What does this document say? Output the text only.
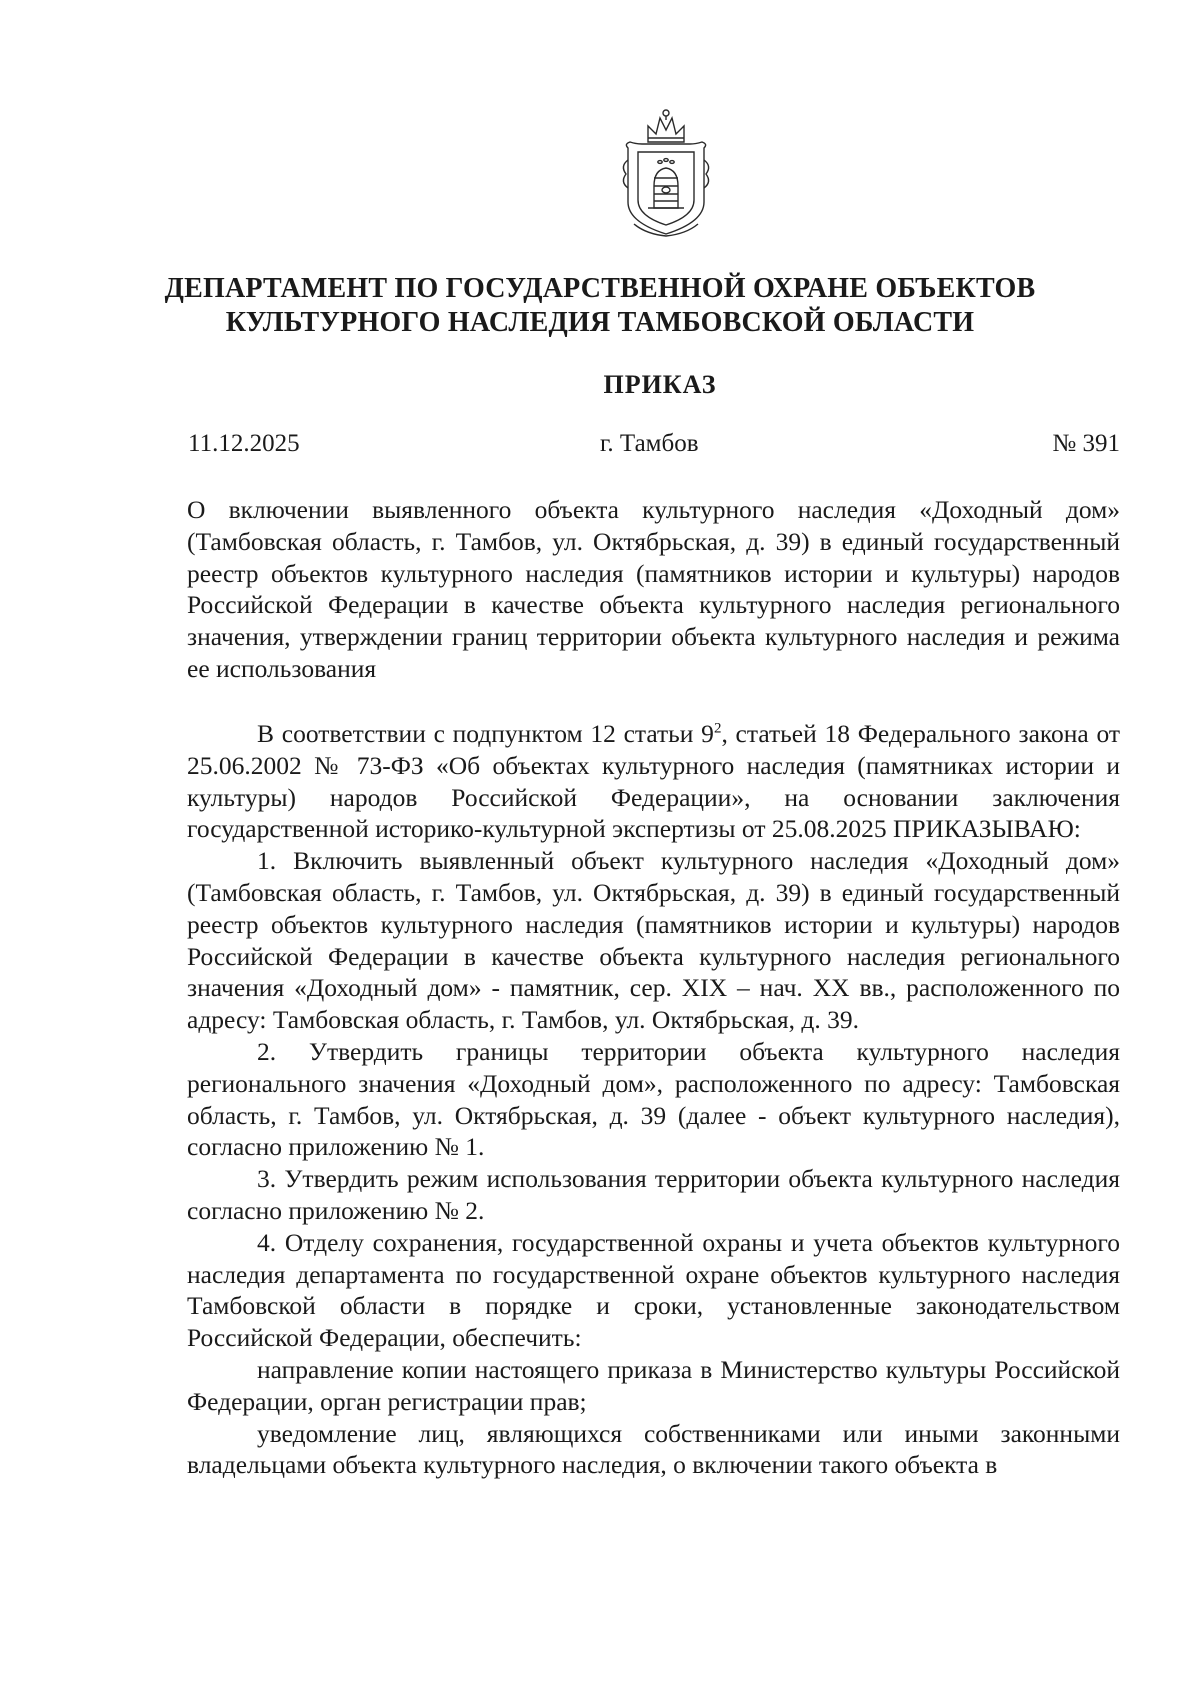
ДЕПАРТАМЕНТ ПО ГОСУДАРСТВЕННОЙ ОХРАНЕ ОБЪЕКТОВ
КУЛЬТУРНОГО НАСЛЕДИЯ ТАМБОВСКОЙ ОБЛАСТИ
ПРИКАЗ
11.12.2025	г. Тамбов	№ 391

О включении выявленного объекта культурного наследия «Доходный дом» (Тамбовская область, г. Тамбов, ул. Октябрьская, д. 39) в единый государственный реестр объектов культурного наследия (памятников истории и культуры) народов Российской Федерации в качестве объекта культурного наследия регионального значения, утверждении границ территории объекта культурного наследия и режима ее использования

В соответствии с подпунктом 12 статьи $9^2$, статьей 18 Федерального закона от 25.06.2002 № 73-ФЗ «Об объектах культурного наследия (памятниках истории и культуры) народов Российской Федерации», на основании заключения государственной историко-культурной экспертизы от 25.08.2025 ПРИКАЗЫВАЮ:

1. Включить выявленный объект культурного наследия «Доходный дом» (Тамбовская область, г. Тамбов, ул. Октябрьская, д. 39) в единый государственный реестр объектов культурного наследия (памятников истории и культуры) народов Российской Федерации в качестве объекта культурного наследия регионального значения «Доходный дом» - памятник, сер. XIX – нач. XX вв., расположенного по адресу: Тамбовская область, г. Тамбов, ул. Октябрьская, д. 39.

2. Утвердить границы территории объекта культурного наследия регионального значения «Доходный дом», расположенного по адресу: Тамбовская область, г. Тамбов, ул. Октябрьская, д. 39 (далее - объект культурного наследия), согласно приложению № 1.

3. Утвердить режим использования территории объекта культурного наследия согласно приложению № 2.

4. Отделу сохранения, государственной охраны и учета объектов культурного наследия департамента по государственной охране объектов культурного наследия Тамбовской области в порядке и сроки, установленные законодательством Российской Федерации, обеспечить:

направление копии настоящего приказа в Министерство культуры Российской Федерации, орган регистрации прав;

уведомление лиц, являющихся собственниками или иными законными владельцами объекта культурного наследия, о включении такого объекта в
